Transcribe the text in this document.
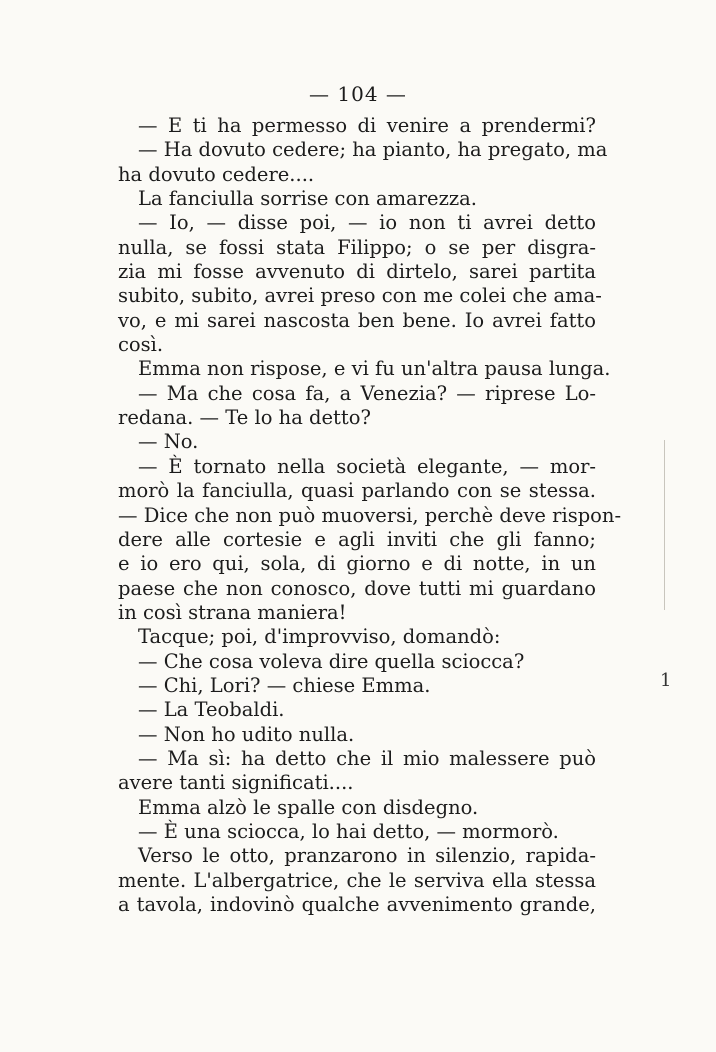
— 104 —
— E ti ha permesso di venire a prendermi?
— Ha dovuto cedere; ha pianto, ha pregato, ma
ha dovuto cedere....
La fanciulla sorrise con amarezza.
— Io, — disse poi, — io non ti avrei detto
nulla, se fossi stata Filippo; o se per disgra-
zia mi fosse avvenuto di dirtelo, sarei partita
subito, subito, avrei preso con me colei che ama-
vo, e mi sarei nascosta ben bene. Io avrei fatto
così.
Emma non rispose, e vi fu un'altra pausa lunga.
— Ma che cosa fa, a Venezia? — riprese Lo-
redana. — Te lo ha detto?
— No.
— È tornato nella società elegante, — mor-
morò la fanciulla, quasi parlando con se stessa.
— Dice che non può muoversi, perchè deve rispon-
dere alle cortesie e agli inviti che gli fanno;
e io ero qui, sola, di giorno e di notte, in un
paese che non conosco, dove tutti mi guardano
in così strana maniera!
Tacque; poi, d'improvviso, domandò:
— Che cosa voleva dire quella sciocca?
— Chi, Lori? — chiese Emma.
— La Teobaldi.
— Non ho udito nulla.
— Ma sì: ha detto che il mio malessere può
avere tanti significati....
Emma alzò le spalle con disdegno.
— È una sciocca, lo hai detto, — mormorò.
Verso le otto, pranzarono in silenzio, rapida-
mente. L'albergatrice, che le serviva ella stessa
a tavola, indovinò qualche avvenimento grande,
1
